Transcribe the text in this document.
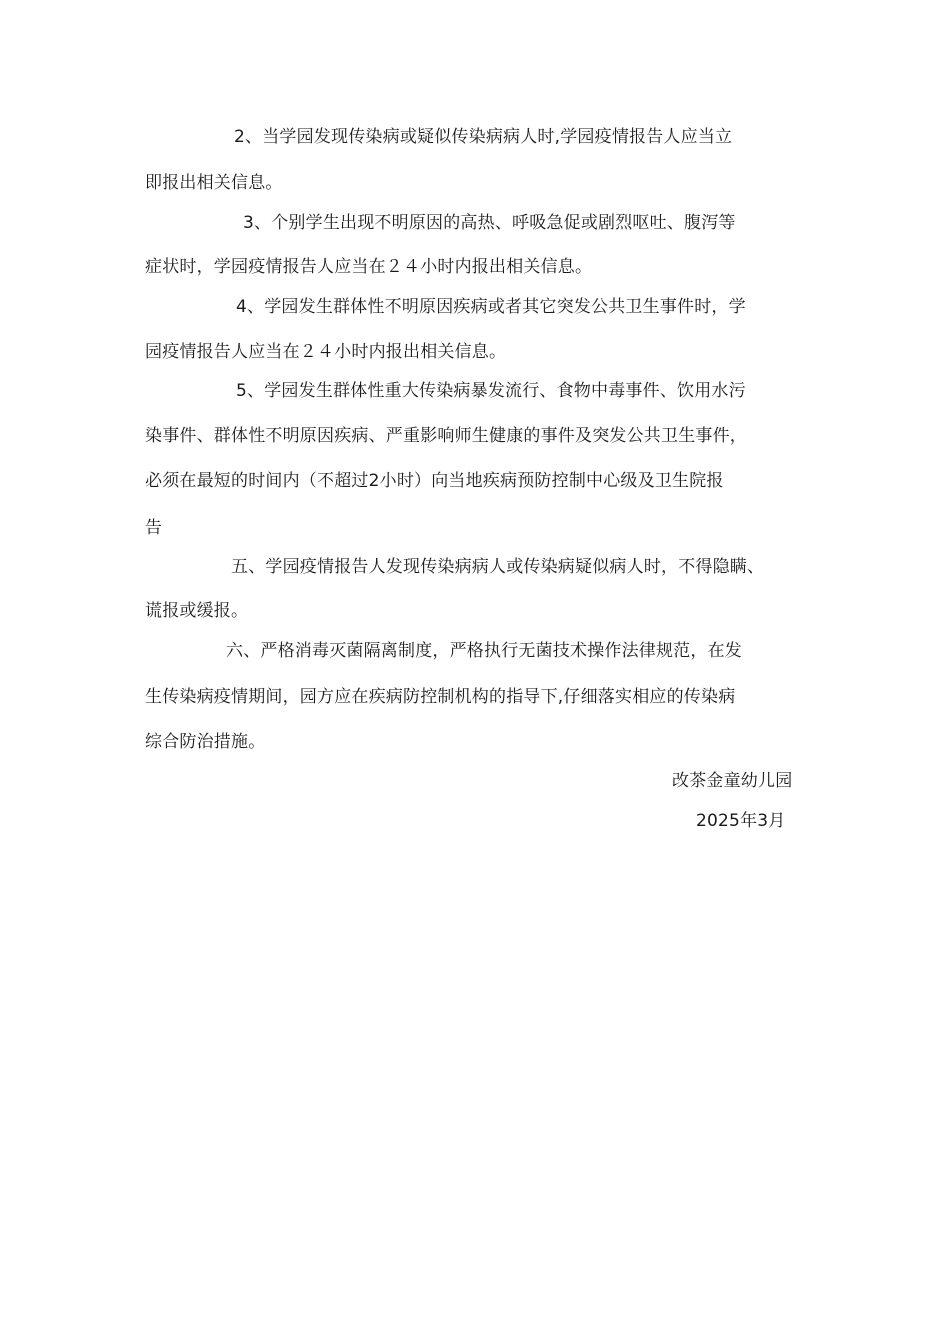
2、当学园发现传染病或疑似传染病病人时,学园疫情报告人应当立
即报出相关信息。
3、个别学生出现不明原因的高热、呼吸急促或剧烈呕吐、腹泻等
症状时，学园疫情报告人应当在２４小时内报出相关信息。
4、学园发生群体性不明原因疾病或者其它突发公共卫生事件时，学
园疫情报告人应当在２４小时内报出相关信息。
5、学园发生群体性重大传染病暴发流行、食物中毒事件、饮用水污
染事件、群体性不明原因疾病、严重影响师生健康的事件及突发公共卫生事件，
必须在最短的时间内（不超过2小时）向当地疾病预防控制中心级及卫生院报
告
五、学园疫情报告人发现传染病病人或传染病疑似病人时，不得隐瞒、
谎报或缓报。
六、严格消毒灭菌隔离制度，严格执行无菌技术操作法律规范，在发
生传染病疫情期间，园方应在疾病防控制机构的指导下,仔细落实相应的传染病
综合防治措施。
改茶金童幼儿园
2025年3月
